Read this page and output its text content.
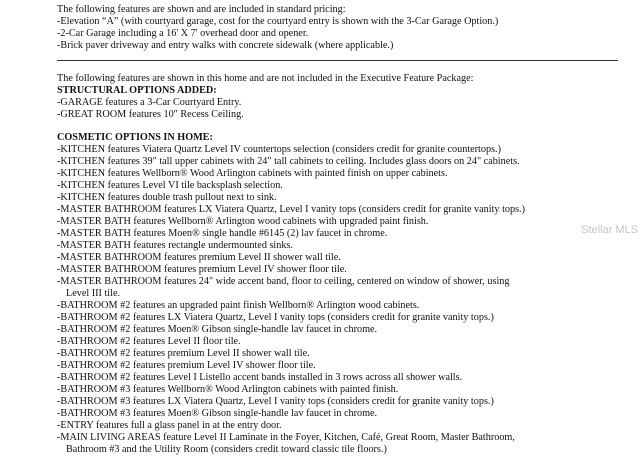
The following features are shown and are included in standard pricing:
-Elevation “A” (with courtyard garage, cost for the courtyard entry is shown with the 3-Car Garage Option.)
-2-Car Garage including a 16' X 7' overhead door and opener.
-Brick paver driveway and entry walks with concrete sidewalk (where applicable.)
The following features are shown in this home and are not included in the Executive Feature Package:
STRUCTURAL OPTIONS ADDED:
-GARAGE features a 3-Car Courtyard Entry.
-GREAT ROOM features 10" Recess Ceiling.
COSMETIC OPTIONS IN HOME:
-KITCHEN features Viatera Quartz Level IV countertops selection (considers credit for granite countertops.)
-KITCHEN features 39" tall upper cabinets with 24" tall cabinets to ceiling. Includes glass doors on 24" cabinets.
-KITCHEN features Wellborn® Wood Arlington cabinets with painted finish on upper cabinets.
-KITCHEN features Level VI tile backsplash selection.
-KITCHEN features double trash pullout next to sink.
-MASTER BATHROOM features LX Viatera Quartz, Level I vanity tops (considers credit for granite vanity tops.)
-MASTER BATH features Wellborn® Arlington wood cabinets with upgraded paint finish.
-MASTER BATH features Moen® single handle #6145 (2) lav faucet in chrome.
-MASTER BATH features rectangle undermounted sinks.
-MASTER BATHROOM features premium Level II shower wall tile.
-MASTER BATHROOM features premium Level IV shower floor tile.
-MASTER BATHROOM features 24" wide accent band, floor to ceiling, centered on window of shower, using
Level III tile.
-BATHROOM #2 features an upgraded paint finish Wellborn® Arlington wood cabinets.
-BATHROOM #2 features LX Viatera Quartz, Level I vanity tops (considers credit for granite vanity tops.)
-BATHROOM #2 features Moen® Gibson single-handle lav faucet in chrome.
-BATHROOM #2 features Level II floor tile.
-BATHROOM #2 features premium Level II shower wall tile.
-BATHROOM #2 features premium Level IV shower floor tile.
-BATHROOM #2 features Level I Listello accent bands installed in 3 rows across all shower walls.
-BATHROOM #3 features Wellborn® Wood Arlington cabinets with painted finish.
-BATHROOM #3 features LX Viatera Quartz, Level I vanity tops (considers credit for granite vanity tops.)
-BATHROOM #3 features Moen® Gibson single-handle lav faucet in chrome.
-ENTRY features full a glass panel in at the entry door.
-MAIN LIVING AREAS feature Level II Laminate in the Foyer, Kitchen, Café, Great Room, Master Bathroom,
Bathroom #3 and the Utility Room (considers credit toward classic tile floors.)
Stellar MLS
